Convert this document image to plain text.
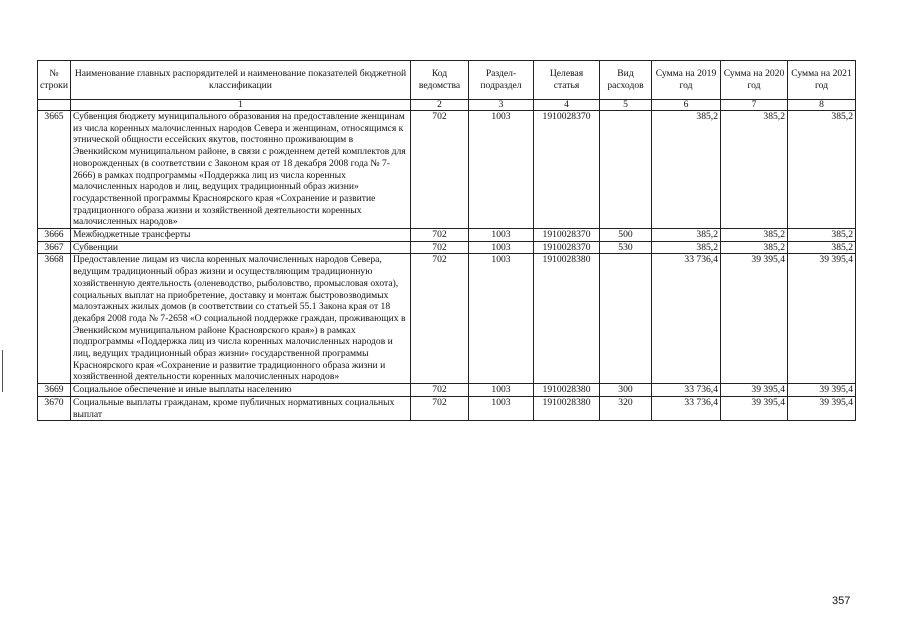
№ строки	Наименование главных распорядителей и наименование показателей бюджетной классификации	Код ведомства	Раздел-подраздел	Целевая статья	Вид расходов	Сумма на 2019 год	Сумма на 2020 год	Сумма на 2021 год
	1	2	3	4	5	6	7	8
3665	Субвенция бюджету муниципального образования на предоставление женщинам из числа коренных малочисленных народов Севера и женщинам, относящимся к этнической общности ессейских якутов, постоянно проживающим в Эвенкийском муниципальном районе, в связи с рожденнем детей комплектов для новорожденных (в соответствии с Законом края от 18 декабря 2008 года № 7-2666) в рамках подпрограммы «Поддержка лиц из числа коренных малочисленных народов и лиц, ведущих традиционный образ жизни» государственной программы Красноярского края «Сохранение и развитие традиционного образа жизни и хозяйственной деятельности коренных малочисленных народов»	702	1003	1910028370		385,2	385,2	385,2
3666	Межбюджетные трансферты	702	1003	1910028370	500	385,2	385,2	385,2
3667	Субвенции	702	1003	1910028370	530	385,2	385,2	385,2
3668	Предоставление лицам из числа коренных малочисленных народов Севера, ведущим традиционный образ жизни и осуществляющим традиционную хозяйственную деятельность (оленеводство, рыболовство, промысловая охота), социальных выплат на приобретение, доставку и монтаж быстровозводимых малоэтажных жилых домов (в соответствии со статьей 55.1 Закона края от 18 декабря 2008 года № 7-2658 «О социальной поддержке граждан, проживающих в Эвенкийском муниципальном районе Красноярского края») в рамках подпрограммы «Поддержка лиц из числа коренных малочисленных народов и лиц, ведущих традиционный образ жизни» государственной программы Красноярского края «Сохранение и развитие традиционного образа жизни и хозяйственной деятельности коренных малочисленных народов»	702	1003	1910028380		33 736,4	39 395,4	39 395,4
3669	Социальное обеспечение и иные выплаты населению	702	1003	1910028380	300	33 736,4	39 395,4	39 395,4
3670	Социальные выплаты гражданам, кроме публичных нормативных социальных выплат	702	1003	1910028380	320	33 736,4	39 395,4	39 395,4
357
